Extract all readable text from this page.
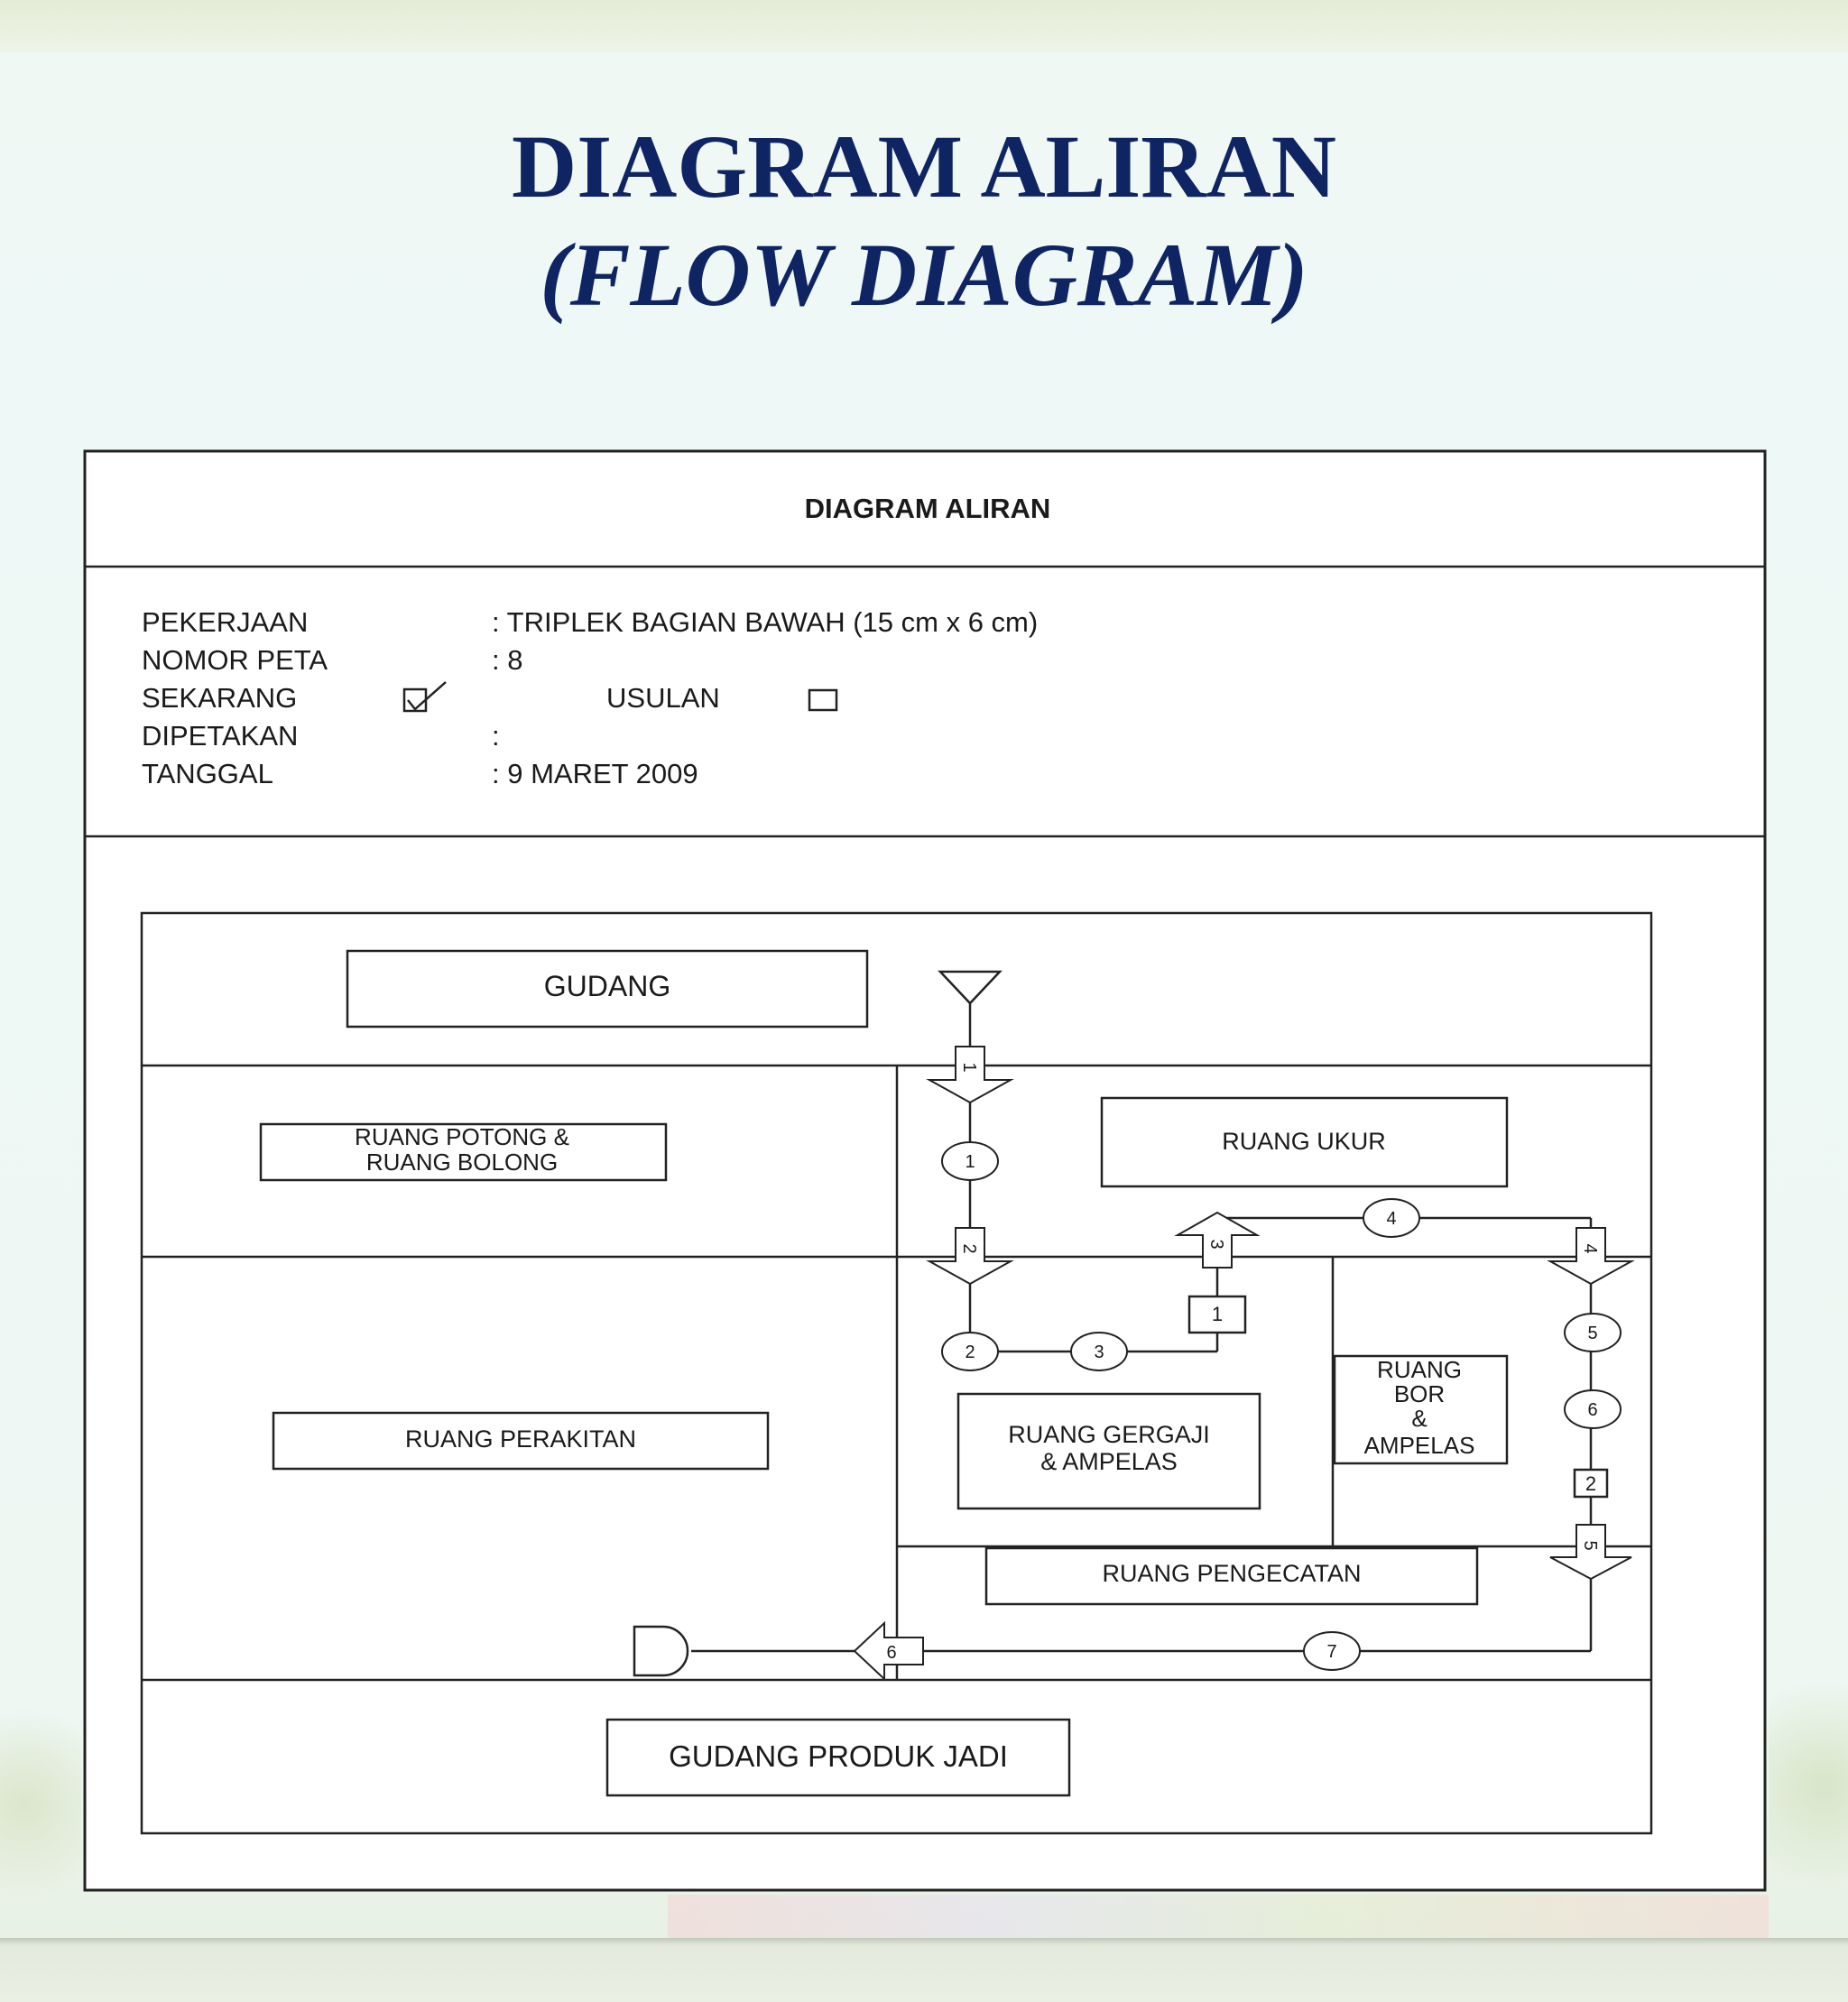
DIAGRAM ALIRAN
(FLOW DIAGRAM)
DIAGRAM ALIRAN
PEKERJAAN	: TRIPLEK BAGIAN BAWAH (15 cm x 6 cm)
NOMOR PETA	: 8
SEKARANG	USULAN
DIPETAKAN	:
TANGGAL	: 9 MARET 2009
GUDANG
RUANG POTONG &
RUANG BOLONG
RUANG UKUR
RUANG PERAKITAN	RUANG GERGAJI
& AMPELAS
RUANG
BOR
&
AMPELAS
RUANG PENGECATAN
GUDANG PRODUK JADI
1
2	3	4
5
6
1
2	3
4
5
6
7
1
2
